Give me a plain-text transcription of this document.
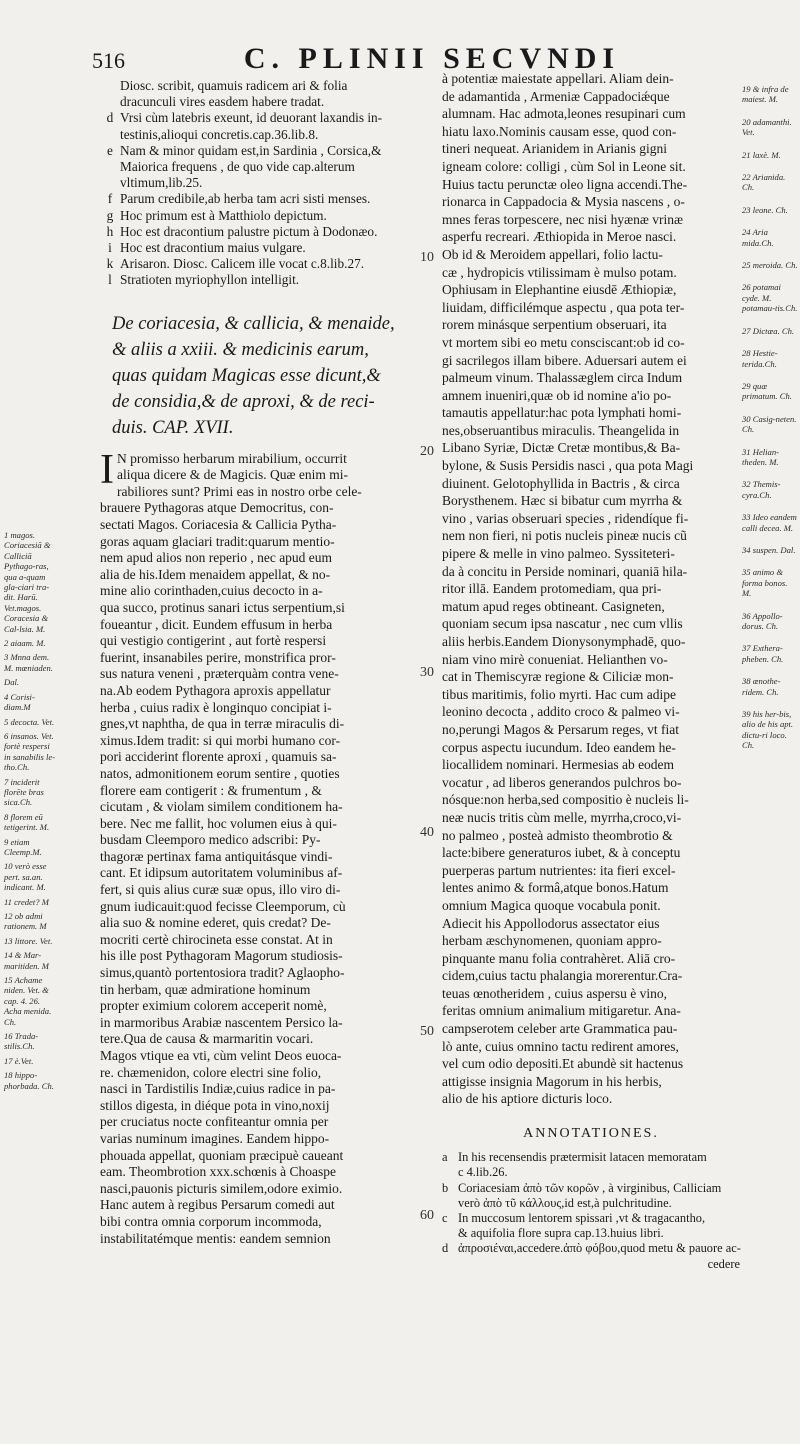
516	C. PLINII SECVNDI
Diosc. scribit, quamuis radicem ari & folia
dracunculi vires easdem habere tradat.
d Vrsi cùm latebris exeunt, id deuorant laxandis in-
testinis,alioqui concretis.cap.36.lib.8.
e Nam & minor quidam est,in Sardinia , Corsica,&
Maiorica frequens , de quo vide cap.alterum
vltimum,lib.25.
f Parum credibile,ab herba tam acri sisti menses.
g Hoc primum est à Matthiolo depictum.
h Hoc est dracontium palustre pictum à Dodonæo.
i Hoc est dracontium maius vulgare.
k Arisaron. Diosc. Calicem ille vocat c.8.lib.27.
l Stratioten myriophyllon intelligit.
De coriacesia, & callicia, & menaide,
& aliis a xxiii. & medicinis earum,
quas quidam Magicas esse dicunt,&
de considia,& de aproxi, & de reci-
duis. CAP. XVII.
I N promisso herbarum mirabilium, occurrit
aliqua dicere & de Magicis. Quæ enim mi-
rabiliores sunt? Primi eas in nostro orbe cele-
brauere Pythagoras atque Democritus, con-
sectati Magos. Coriacesia & Callicia Pytha-
goras aquam glaciari tradit:quarum mentio-
nem apud alios non reperio , nec apud eum
alia de his.Idem menaidem appellat, & no-
mine alio corinthaden,cuius decocto in a-
qua succo, protinus sanari ictus serpentium,si
foueantur , dicit. Eundem effusum in herba
qui vestigio contigerint , aut fortè respersi
fuerint, insanabiles perire, monstrifica pror-
sus natura veneni , præterquàm contra vene-
na.Ab eodem Pythagora aproxis appellatur
herba , cuius radix è longinquo concipiat i-
gnes,vt naphtha, de qua in terræ miraculis di-
ximus.Idem tradit: si qui morbi humano cor-
pori acciderint florente aproxi , quamuis sa-
natos, admonitionem eorum sentire , quoties
florere eam contigerit : & frumentum , &
cicutam , & violam similem conditionem ha-
bere. Nec me fallit, hoc volumen eius à qui-
busdam Cleemporo medico adscribi: Py-
thagoræ pertinax fama antiquitásque vindi-
cant. Et idipsum autoritatem voluminibus af-
fert, si quis alius curæ suæ opus, illo viro di-
gnum iudicauit:quod fecisse Cleemporum, cù
alia suo & nomine ederet, quis credat? De-
mocriti certè chirocineta esse constat. At in
his ille post Pythagoram Magorum studiosis-
simus,quantò portentosiora tradit? Aglaopho-
tin herbam, quæ admiratione hominum
propter eximium colorem acceperit nomè,
in marmoribus Arabiæ nascentem Persico la-
tere.Qua de causa & marmaritin vocari.
Magos vtique ea vti, cùm velint Deos euoca-
re. chæmenidon, colore electri sine folio,
nasci in Tardistilis Indiæ,cuius radice in pa-
stillos digesta, in diéque pota in vino,noxij
per cruciatus nocte confiteantur omnia per
varias numinum imagines. Eandem hippo-
phouada appellat, quoniam præcipuè caueant
eam. Theombrotion xxx.schœnis à Choaspe
nasci,pauonis picturis similem,odore eximio.
Hanc autem à regibus Persarum comedi aut
bibi contra omnia corporum incommoda,
instabilitatémque mentis: eandem semnion
1 magos. Coriacesiā & Calliciā Pythago-ras, qua a-quam gla-ciari tra-dit. Harū. Vet.magos. Coracesia & Cal-lsia. M.
2 aiaam. M.
3 Mnna dem. M. mœniaden.
Dal.
4 Corisi-diam.M
5 decocta. Vet.
6 insanos. Vet. fortè respersi in sanabilis le-tho.Ch.
7 inciderit florēte bras sica.Ch.
8 florem eū tetigerint. M.
9 etiam Cleemp.M.
10 verò esse pert. sa.an. indicant. M.
11 credet? M
12 ob admi rationem. M
13 littore. Vet.
14 & Mar-maritiden. M
15 Achame niden. Vet. & cap. 4. 26. Acha menida. Ch.
16 Trada-stilis.Ch.
17 è.Vet.
18 hippo-phorbada. Ch.
à potentiæ maiestate appellari. Aliam dein-
de adamantida , Armeniæ Cappadociǽque
alumnam. Hac admota,leones resupinari cum
hiatu laxo.Nominis causam esse, quod con-
tineri nequeat. Arianidem in Arianis gigni
igneam colore: colligi , cùm Sol in Leone sit.
Huius tactu perunctæ oleo ligna accendi.The-
rionarca in Cappadocia & Mysia nascens , o-
mnes feras torpescere, nec nisi hyænæ vrinæ
asperfu recreari. Æthiopida in Meroe nasci.
Ob id & Meroidem appellari, folio lactu-
cæ , hydropicis vtilissimam è mulso potam.
Ophiusam in Elephantine eiusdē Æthiopiæ,
liuidam, difficilémque aspectu , qua pota ter-
rorem minásque serpentium obseruari, ita
vt mortem sibi eo metu consciscant:ob id co-
gi sacrilegos illam bibere. Aduersari autem ei
palmeum vinum. Thalassæglem circa Indum
amnem inueniri,quæ ob id nomine a'io po-
tamautis appellatur:hac pota lymphati homi-
nes,obseruantibus miraculis. Theangelida in
Libano Syriæ, Dictæ Cretæ montibus,& Ba-
bylone, & Susis Persidis nasci , qua pota Magi
diuinent. Gelotophyllida in Bactris , & circa
Borysthenem. Hæc si bibatur cum myrrha &
vino , varias obseruari species , ridendíque fi-
nem non fieri, ni potis nucleis pineæ nucis cũ
pipere & melle in vino palmeo. Syssiteteri-
da à concitu in Perside nominari, quaniā hila-
ritor illā. Eandem protomediam, qua pri-
matum apud reges obtineant. Casigneten,
quoniam secum ipsa nascatur , nec cum vllis
aliis herbis.Eandem Dionysonymphadē, quo-
niam vino mirè conueniat. Helianthen vo-
cat in Themiscyræ regione & Ciliciæ mon-
tibus maritimis, folio myrti. Hac cum adipe
leonino decocta , addito croco & palmeo vi-
no,perungi Magos & Persarum reges, vt fiat
corpus aspectu iucundum. Ideo eandem he-
liocallidem nominari. Hermesias ab eodem
vocatur , ad liberos generandos pulchros bo-
nósque:non herba,sed compositio è nucleis li-
neæ nucis tritis cùm melle, myrrha,croco,vi-
no palmeo , posteà admisto theombrotio &
lacte:bibere generaturos iubet, & à conceptu
puerperas partum nutrientes: ita fieri excel-
lentes animo & formâ,atque bonos.Hatum
omnium Magica quoque vocabula ponit.
Adiecit his Appollodorus assectator eius
herbam æschynomenen, quoniam appro-
pinquante manu folia contrahèret. Aliā cro-
cidem,cuius tactu phalangia morerentur.Cra-
teuas œnotheridem , cuius aspersu è vino,
feritas omnium animalium mitigaretur. Ana-
campserotem celeber arte Grammatica pau-
lò ante, cuius omnino tactu redirent amores,
vel cum odio depositi.Et abundè sit hactenus
attigisse insignia Magorum in his herbis,
alio de his aptiore dicturis loco.
ANNOTATIONES.
a In his recensendis prætermisit latacen memoratam
c 4.lib.26.
b Coriacesiam ἀπὸ τῶν κορῶν , à virginibus, Calliciam
verò ἀπὸ τῦ κάλλους,id est,à pulchritudine.
c In muccosum lentorem spissari ,vt & tragacantho,
& aquifolia flore supra cap.13.huius libri.
d ἀπροσιέναι,accedere.ἀπὸ φόβου,quod metu & pauore ac-
cedere
19 & infra de maiest. M.
20 adamanthi. Vet.
21 laxè. M.
22 Arianida. Ch.
23 leone. Ch.
24 Aria mida.Ch.
25 meroida. Ch.
26 potamai cyde. M. potamau-tis.Ch.
27 Dictæa. Ch.
28 Hestie-terida.Ch.
29 quæ primatum. Ch.
30 Casig-neten. Ch.
31 Helian-theden. M.
32 Themis-cyra.Ch.
33 Ideo eandem calli decea. M.
34 suspen. Dal.
35 animo & forma bonos. M.
36 Appollo-dorus. Ch.
37 Exthera-pheben. Ch.
38 œnothe-ridem. Ch.
39 his her-bis, alio de his apt. dictu-ri loco. Ch.
10
20
30
40
50
60
